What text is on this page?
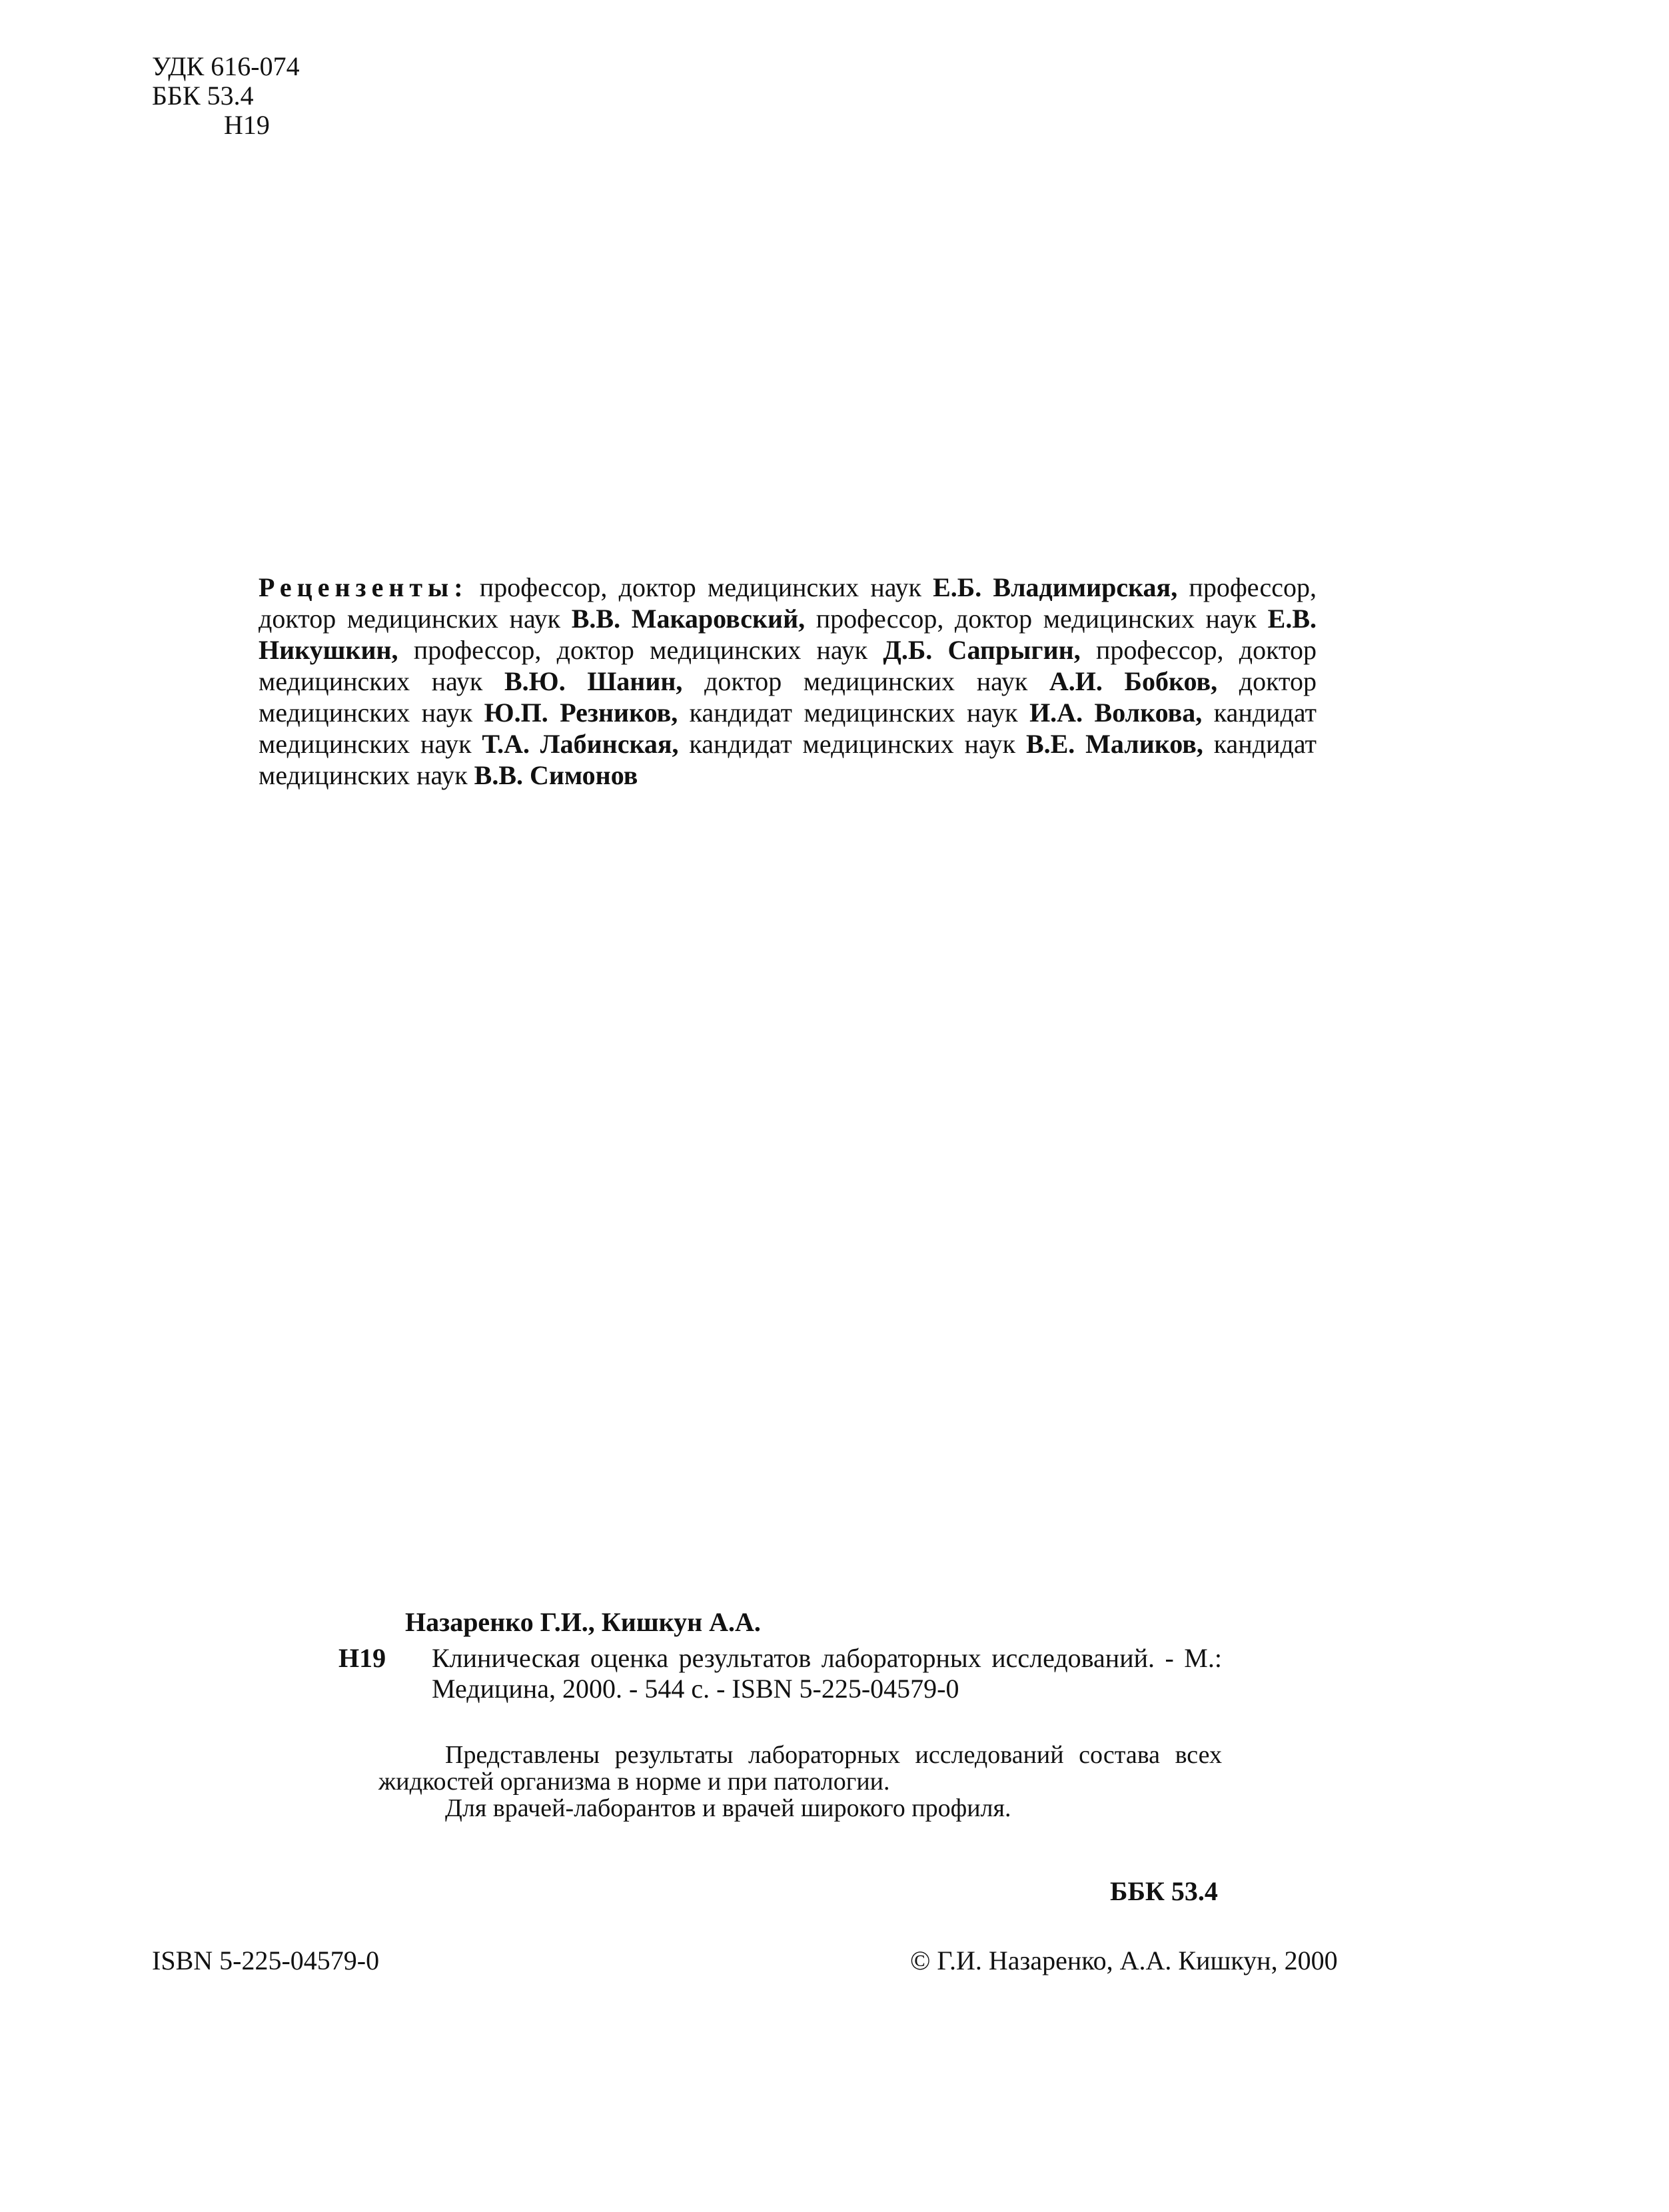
УДК 616-074
ББК 53.4
Н19
Рецензенты: профессор, доктор медицинских наук Е.Б. Владимирская, профессор, доктор медицинских наук В.В. Макаровский, профессор, доктор медицинских наук Е.В. Никушкин, профессор, доктор медицинских наук Д.Б. Сапрыгин, профессор, доктор медицинских наук В.Ю. Шанин, доктор медицинских наук А.И. Бобков, доктор медицинских наук Ю.П. Резников, кандидат медицинских наук И.А. Волкова, кандидат медицинских наук Т.А. Лабинская, кандидат медицинских наук В.Е. Маликов, кандидат медицинских наук В.В. Симонов
Назаренко Г.И., Кишкун А.А.
Н19 Клиническая оценка результатов лабораторных исследований. - М.: Медицина, 2000. - 544 с. - ISBN 5-225-04579-0

Представлены результаты лабораторных исследований состава всех жидкостей организма в норме и при патологии.

Для врачей-лаборантов и врачей широкого профиля.

ББК 53.4
ISBN 5-225-04579-0	© Г.И. Назаренко, А.А. Кишкун, 2000
